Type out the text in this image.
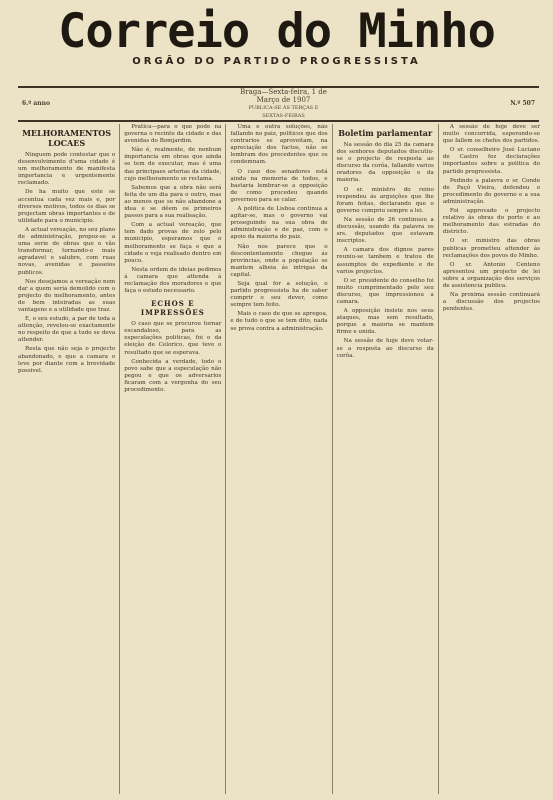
Correio do Minho
ORGÃO DO PARTIDO PROGRESSISTA
6.º anno
Braga—Sexta-feira, 1 de Março de 1907
PUBLICA-SE ÁS TERÇAS E SEXTAS-FEIRAS
N.º 507
MELHORAMENTOS LOCAES

Ninguem pode contestar que o desenvolvimento d'uma cidade é um melhoramento de manifesta importancia e urgentemente reclamado.

De ha muito que este se accentua cada vez mais e, por diversos motivos, todos os dias se projectam obras importantes e de utilidade para o municipio.

A actual vereação, no seu plano de administração, propoz-se a uma serie de obras que o vão transformar, tornando-o mais agradavel e salubre, com ruas novas, avenidas e passeios publicos.

Nos desejamos a vereação nem dar a quem seria demolido com o projecto do melhoramento, antes de bem inteiradas as suas vantagens e a utilidade que traz.

E, o seu estudo, a par de toda a attenção, revelou-se exactamente no respeito de que a tudo se deva attender.

Resta que não seja o projecto abandonado, e que a camara o leve por diante com a brevidade possivel.

Pratica—para o que pode na governa o recinto da cidade e das avenidas do Bomjardim.

Não é, realmente, de nenhum importancia em obras que ainda se tem de executar, mas é uma das principaes arterias da cidade, cujo melhoramento se reclama.

Sabemos que a obra não será feita de um dia para o outro, mas ao menos que se não abandone a idea e se dêem os primeiros passos para a sua realisação.

Com a actual vereação, que tem dado provas de zelo pelo municipio, esperamos que o melhoramento se faça e que a cidade o veja realisado dentro em pouco.

Nesta ordem de ideias pedimos á camara que attenda á reclamação dos moradores e que faça o estudo necessario.

ECHOS E IMPRESSÕES

O caso que se procurou tornar escandaloso, para as especulações politicas, foi o da eleição de Celorico, que teve o resultado que se esperava.

Conhecida a verdade, todo o povo sabe que a especulação não pegou e que os adversarios ficaram com a vergonha do seu procedimento.

Uma e outra soluções, não fallando no paiz, politicos que dos contrarios se aproveitam, na apreciação dos factos, não se lembram dos precedentes que os condemnam.

O caso dos senadores está ainda na memoria de todos, e bastaria lembrar-se a opposição de como procedeu quando governou para se calar.

A politica de Lisboa continua a agitar-se, mas o governo vai proseguindo na sua obra de administração e de paz, com o apoio da maioria do paiz.

Não nos parece que o descontentamento chegue ás provincias, onde a população se mantem alheia ás intrigas da capital.

Seja qual for a solução, o partido progressista ha de saber cumprir o seu dever, como sempre tem feito.

Mais o caso de que se apregoa, e de tudo o que se tem dito, nada se prova contra a administração.

Boletim parlamentar

Na sessão do dia 25 da camara dos senhores deputados discutiu-se o projecto de resposta ao discurso da corôa, fallando varios oradores da opposição e da maioria.

O sr. ministro do reino respondeu ás arguições que lhe foram feitas, declarando que o governo cumpriu sempre a lei.

Na sessão de 26 continuou a discussão, usando da palavra os srs. deputados que estavam inscriptos.

A camara dos dignos pares reuniu-se tambem e tratou de assumptos de expediente e de varios projectos.

O sr. presidente do conselho foi muito cumprimentado pelo seu discurso, que impressionou a camara.

A opposição insiste nos seus ataques, mas sem resultado, porque a maioria se mantem firme e unida.

Na sessão de hoje deve votar-se a resposta ao discurso da corôa.

A sessão de hoje deve ser muito concorrida, esperando-se que fallem os chefes dos partidos.

O sr. conselheiro José Luciano de Castro fez declarações importantes sobre a politica do partido progressista.

Pedindo a palavra o sr. Conde de Paçô Vieira, defendeu o procedimento do governo e a sua administração.

Foi approvado o projecto relativo ás obras do porto e ao melhoramento das estradas do districto.

O sr. ministro das obras publicas prometteu attender ás reclamações dos povos do Minho.

O sr. Antonio Centeno apresentou um projecto de lei sobre a organização dos serviços de assistencia publica.

Na proxima sessão continuará a discussão dos projectos pendentes.
